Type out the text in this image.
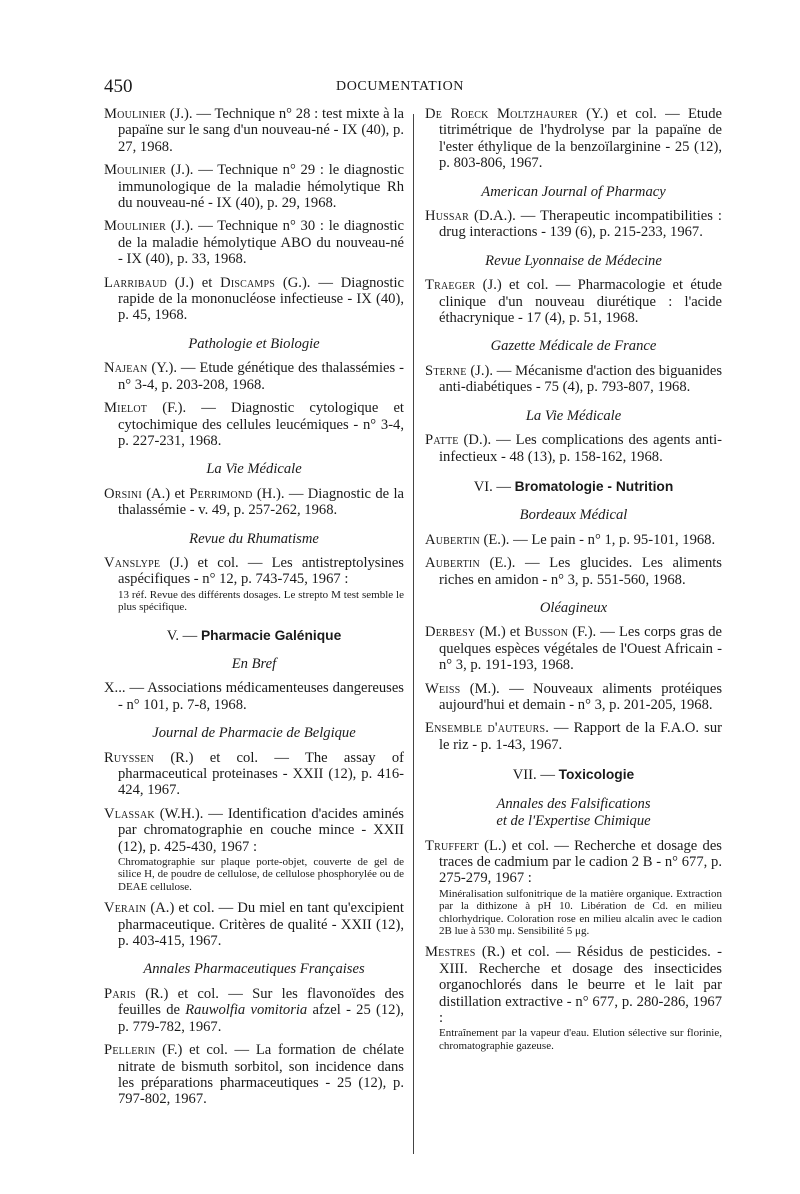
450	DOCUMENTATION
Moulinier (J.). — Technique n° 28 : test mixte à la papaïne sur le sang d'un nouveau-né - IX (40), p. 27, 1968.
Moulinier (J.). — Technique n° 29 : le diagnostic immunologique de la maladie hémolytique Rh du nouveau-né - IX (40), p. 29, 1968.
Moulinier (J.). — Technique n° 30 : le diagnostic de la maladie hémolytique ABO du nouveau-né - IX (40), p. 33, 1968.
Larribaud (J.) et Discamps (G.). — Diagnostic rapide de la mononucléose infectieuse - IX (40), p. 45, 1968.
Pathologie et Biologie
Najean (Y.). — Etude génétique des thalassémies - n° 3-4, p. 203-208, 1968.
Mielot (F.). — Diagnostic cytologique et cytochimique des cellules leucémiques - n° 3-4, p. 227-231, 1968.
La Vie Médicale
Orsini (A.) et Perrimond (H.). — Diagnostic de la thalassémie - v. 49, p. 257-262, 1968.
Revue du Rhumatisme
Vanslype (J.) et col. — Les antistreptolysines aspécifiques - n° 12, p. 743-745, 1967 :
13 réf. Revue des différents dosages. Le strepto M test semble le plus spécifique.
V. — Pharmacie Galénique
En Bref
X... — Associations médicamenteuses dangereuses - n° 101, p. 7-8, 1968.
Journal de Pharmacie de Belgique
Ruyssen (R.) et col. — The assay of pharmaceutical proteinases - XXII (12), p. 416-424, 1967.
Vlassak (W.H.). — Identification d'acides aminés par chromatographie en couche mince - XXII (12), p. 425-430, 1967 :
Chromatographie sur plaque porte-objet, couverte de gel de silice H, de poudre de cellulose, de cellulose phosphorylée ou de DEAE cellulose.
Verain (A.) et col. — Du miel en tant qu'excipient pharmaceutique. Critères de qualité - XXII (12), p. 403-415, 1967.
Annales Pharmaceutiques Françaises
Paris (R.) et col. — Sur les flavonoïdes des feuilles de Rauwolfia vomitoria afzel - 25 (12), p. 779-782, 1967.
Pellerin (F.) et col. — La formation de chélate nitrate de bismuth sorbitol, son incidence dans les préparations pharmaceutiques - 25 (12), p. 797-802, 1967.
De Roeck Moltzhaurer (Y.) et col. — Etude titrimétrique de l'hydrolyse par la papaïne de l'ester éthylique de la benzoïlarginine - 25 (12), p. 803-806, 1967.
American Journal of Pharmacy
Hussar (D.A.). — Therapeutic incompatibilities : drug interactions - 139 (6), p. 215-233, 1967.
Revue Lyonnaise de Médecine
Traeger (J.) et col. — Pharmacologie et étude clinique d'un nouveau diurétique : l'acide éthacrynique - 17 (4), p. 51, 1968.
Gazette Médicale de France
Sterne (J.). — Mécanisme d'action des biguanides anti-diabétiques - 75 (4), p. 793-807, 1968.
La Vie Médicale
Patte (D.). — Les complications des agents anti-infectieux - 48 (13), p. 158-162, 1968.
VI. — Bromatologie - Nutrition
Bordeaux Médical
Aubertin (E.). — Le pain - n° 1, p. 95-101, 1968.
Aubertin (E.). — Les glucides. Les aliments riches en amidon - n° 3, p. 551-560, 1968.
Oléagineux
Derbesy (M.) et Busson (F.). — Les corps gras de quelques espèces végétales de l'Ouest Africain - n° 3, p. 191-193, 1968.
Weiss (M.). — Nouveaux aliments protéiques aujourd'hui et demain - n° 3, p. 201-205, 1968.
Ensemble d'auteurs. — Rapport de la F.A.O. sur le riz - p. 1-43, 1967.
VII. — Toxicologie
Annales des Falsifications
et de l'Expertise Chimique
Truffert (L.) et col. — Recherche et dosage des traces de cadmium par le cadion 2 B - n° 677, p. 275-279, 1967 :
Minéralisation sulfonitrique de la matière organique. Extraction par la dithizone à pH 10. Libération de Cd. en milieu chlorhydrique. Coloration rose en milieu alcalin avec le cadion 2B lue à 530 mμ. Sensibilité 5 μg.
Mestres (R.) et col. — Résidus de pesticides. - XIII. Recherche et dosage des insecticides organochlorés dans le beurre et le lait par distillation extractive - n° 677, p. 280-286, 1967 :
Entraînement par la vapeur d'eau. Elution sélective sur florinie, chromatographie gazeuse.
